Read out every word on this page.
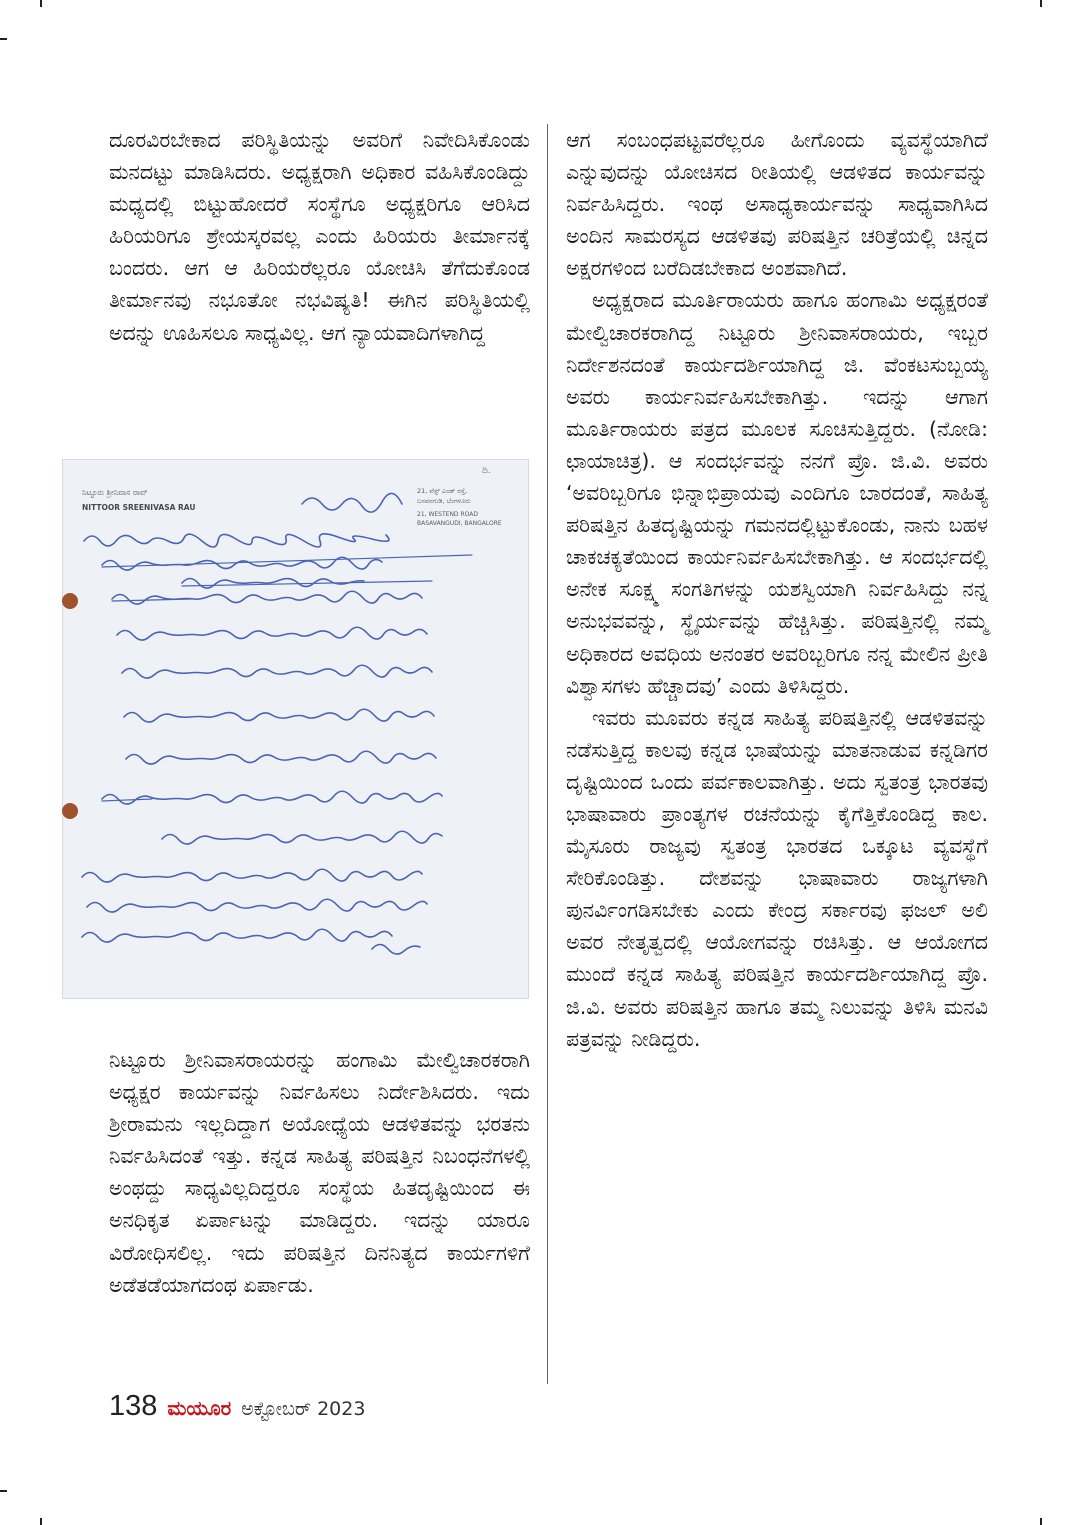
ದೂರವಿರಬೇಕಾದ ಪರಿಸ್ಥಿತಿಯನ್ನು ಅವರಿಗೆ ನಿವೇದಿಸಿಕೊಂಡು ಮನದಟ್ಟು ಮಾಡಿಸಿದರು. ಅಧ್ಯಕ್ಷರಾಗಿ ಅಧಿಕಾರ ವಹಿಸಿಕೊಂಡಿದ್ದು ಮಧ್ಯದಲ್ಲಿ ಬಿಟ್ಟುಹೋದರೆ ಸಂಸ್ಥೆಗೂ ಅಧ್ಯಕ್ಷರಿಗೂ ಆರಿಸಿದ ಹಿರಿಯರಿಗೂ ಶ್ರೇಯಸ್ಕರವಲ್ಲ ಎಂದು ಹಿರಿಯರು ತೀರ್ಮಾನಕ್ಕೆ ಬಂದರು. ಆಗ ಆ ಹಿರಿಯರೆಲ್ಲರೂ ಯೋಚಿಸಿ ತೆಗೆದುಕೊಂಡ ತೀರ್ಮಾನವು ನಭೂತೋ ನಭವಿಷ್ಯತಿ! ಈಗಿನ ಪರಿಸ್ಥಿತಿಯಲ್ಲಿ ಅದನ್ನು ಊಹಿಸಲೂ ಸಾಧ್ಯವಿಲ್ಲ. ಆಗ ನ್ಯಾಯವಾದಿಗಳಾಗಿದ್ದ

ದಿ.
ನಿಟ್ಟೂರು ಶ್ರೀನಿವಾಸ ರಾವ್
NITTOOR SREENIVASA RAU
21, ವೆಸ್ಟ್ ಎಂಡ್ ರಸ್ತೆ,
ಬಸವನಗುಡಿ, ಬೆಂಗಳೂರು
21, WESTEND ROAD
BASAVANGUDI, BANGALORE

ನಿಟ್ಟೂರು ಶ್ರೀನಿವಾಸರಾಯರನ್ನು ಹಂಗಾಮಿ ಮೇಲ್ವಿಚಾರಕರಾಗಿ ಅಧ್ಯಕ್ಷರ ಕಾರ್ಯವನ್ನು ನಿರ್ವಹಿಸಲು ನಿರ್ದೇಶಿಸಿದರು. ಇದು ಶ್ರೀರಾಮನು ಇಲ್ಲದಿದ್ದಾಗ ಅಯೋಧ್ಯೆಯ ಆಡಳಿತವನ್ನು ಭರತನು ನಿರ್ವಹಿಸಿದಂತೆ ಇತ್ತು. ಕನ್ನಡ ಸಾಹಿತ್ಯ ಪರಿಷತ್ತಿನ ನಿಬಂಧನೆಗಳಲ್ಲಿ ಅಂಥದ್ದು ಸಾಧ್ಯವಿಲ್ಲದಿದ್ದರೂ ಸಂಸ್ಥೆಯ ಹಿತದೃಷ್ಟಿಯಿಂದ ಈ ಅನಧಿಕೃತ ಏರ್ಪಾಟನ್ನು ಮಾಡಿದ್ದರು. ಇದನ್ನು ಯಾರೂ ವಿರೋಧಿಸಲಿಲ್ಲ. ಇದು ಪರಿಷತ್ತಿನ ದಿನನಿತ್ಯದ ಕಾರ್ಯಗಳಿಗೆ ಅಡೆತಡೆಯಾಗದಂಥ ಏರ್ಪಾಡು.

ಆಗ ಸಂಬಂಧಪಟ್ಟವರೆಲ್ಲರೂ ಹೀಗೊಂದು ವ್ಯವಸ್ಥೆಯಾಗಿದೆ ಎನ್ನುವುದನ್ನು ಯೋಚಿಸದ ರೀತಿಯಲ್ಲಿ ಆಡಳಿತದ ಕಾರ್ಯವನ್ನು ನಿರ್ವಹಿಸಿದ್ದರು. ಇಂಥ ಅಸಾಧ್ಯಕಾರ್ಯವನ್ನು ಸಾಧ್ಯವಾಗಿಸಿದ ಅಂದಿನ ಸಾಮರಸ್ಯದ ಆಡಳಿತವು ಪರಿಷತ್ತಿನ ಚರಿತ್ರೆಯಲ್ಲಿ ಚಿನ್ನದ ಅಕ್ಷರಗಳಿಂದ ಬರೆದಿಡಬೇಕಾದ ಅಂಶವಾಗಿದೆ.

ಅಧ್ಯಕ್ಷರಾದ ಮೂರ್ತಿರಾಯರು ಹಾಗೂ ಹಂಗಾಮಿ ಅಧ್ಯಕ್ಷರಂತೆ ಮೇಲ್ವಿಚಾರಕರಾಗಿದ್ದ ನಿಟ್ಟೂರು ಶ್ರೀನಿವಾಸರಾಯರು, ಇಬ್ಬರ ನಿರ್ದೇಶನದಂತೆ ಕಾರ್ಯದರ್ಶಿಯಾಗಿದ್ದ ಜಿ. ವೆಂಕಟಸುಬ್ಬಯ್ಯ ಅವರು ಕಾರ್ಯನಿರ್ವಹಿಸಬೇಕಾಗಿತ್ತು. ಇದನ್ನು ಆಗಾಗ ಮೂರ್ತಿರಾಯರು ಪತ್ರದ ಮೂಲಕ ಸೂಚಿಸುತ್ತಿದ್ದರು. (ನೋಡಿ: ಛಾಯಾಚಿತ್ರ). ಆ ಸಂದರ್ಭವನ್ನು ನನಗೆ ಪ್ರೊ. ಜಿ.ವಿ. ಅವರು ‘ಅವರಿಬ್ಬರಿಗೂ ಭಿನ್ನಾಭಿಪ್ರಾಯವು ಎಂದಿಗೂ ಬಾರದಂತೆ, ಸಾಹಿತ್ಯ ಪರಿಷತ್ತಿನ ಹಿತದೃಷ್ಟಿಯನ್ನು ಗಮನದಲ್ಲಿಟ್ಟುಕೊಂಡು, ನಾನು ಬಹಳ ಚಾಕಚಕ್ಯತೆಯಿಂದ ಕಾರ್ಯನಿರ್ವಹಿಸಬೇಕಾಗಿತ್ತು. ಆ ಸಂದರ್ಭದಲ್ಲಿ ಅನೇಕ ಸೂಕ್ಷ್ಮ ಸಂಗತಿಗಳನ್ನು ಯಶಸ್ವಿಯಾಗಿ ನಿರ್ವಹಿಸಿದ್ದು ನನ್ನ ಅನುಭವವನ್ನು, ಸ್ಥೈರ್ಯವನ್ನು ಹೆಚ್ಚಿಸಿತ್ತು. ಪರಿಷತ್ತಿನಲ್ಲಿ ನಮ್ಮ ಅಧಿಕಾರದ ಅವಧಿಯ ಅನಂತರ ಅವರಿಬ್ಬರಿಗೂ ನನ್ನ ಮೇಲಿನ ಪ್ರೀತಿ ವಿಶ್ವಾಸಗಳು ಹೆಚ್ಚಾದವು’ ಎಂದು ತಿಳಿಸಿದ್ದರು.

ಇವರು ಮೂವರು ಕನ್ನಡ ಸಾಹಿತ್ಯ ಪರಿಷತ್ತಿನಲ್ಲಿ ಆಡಳಿತವನ್ನು ನಡೆಸುತ್ತಿದ್ದ ಕಾಲವು ಕನ್ನಡ ಭಾಷೆಯನ್ನು ಮಾತನಾಡುವ ಕನ್ನಡಿಗರ ದೃಷ್ಟಿಯಿಂದ ಒಂದು ಪರ್ವಕಾಲವಾಗಿತ್ತು. ಅದು ಸ್ವತಂತ್ರ ಭಾರತವು ಭಾಷಾವಾರು ಪ್ರಾಂತ್ಯಗಳ ರಚನೆಯನ್ನು ಕೈಗೆತ್ತಿಕೊಂಡಿದ್ದ ಕಾಲ. ಮೈಸೂರು ರಾಜ್ಯವು ಸ್ವತಂತ್ರ ಭಾರತದ ಒಕ್ಕೂಟ ವ್ಯವಸ್ಥೆಗೆ ಸೇರಿಕೊಂಡಿತ್ತು. ದೇಶವನ್ನು ಭಾಷಾವಾರು ರಾಜ್ಯಗಳಾಗಿ ಪುನರ್ವಿಂಗಡಿಸಬೇಕು ಎಂದು ಕೇಂದ್ರ ಸರ್ಕಾರವು ಫಜಲ್ ಅಲಿ ಅವರ ನೇತೃತ್ವದಲ್ಲಿ ಆಯೋಗವನ್ನು ರಚಿಸಿತ್ತು. ಆ ಆಯೋಗದ ಮುಂದೆ ಕನ್ನಡ ಸಾಹಿತ್ಯ ಪರಿಷತ್ತಿನ ಕಾರ್ಯದರ್ಶಿಯಾಗಿದ್ದ ಪ್ರೊ. ಜಿ.ವಿ. ಅವರು ಪರಿಷತ್ತಿನ ಹಾಗೂ ತಮ್ಮ ನಿಲುವನ್ನು ತಿಳಿಸಿ ಮನವಿ ಪತ್ರವನ್ನು ನೀಡಿದ್ದರು.

138 ಮಯೂರ ಅಕ್ಟೋಬರ್ 2023
